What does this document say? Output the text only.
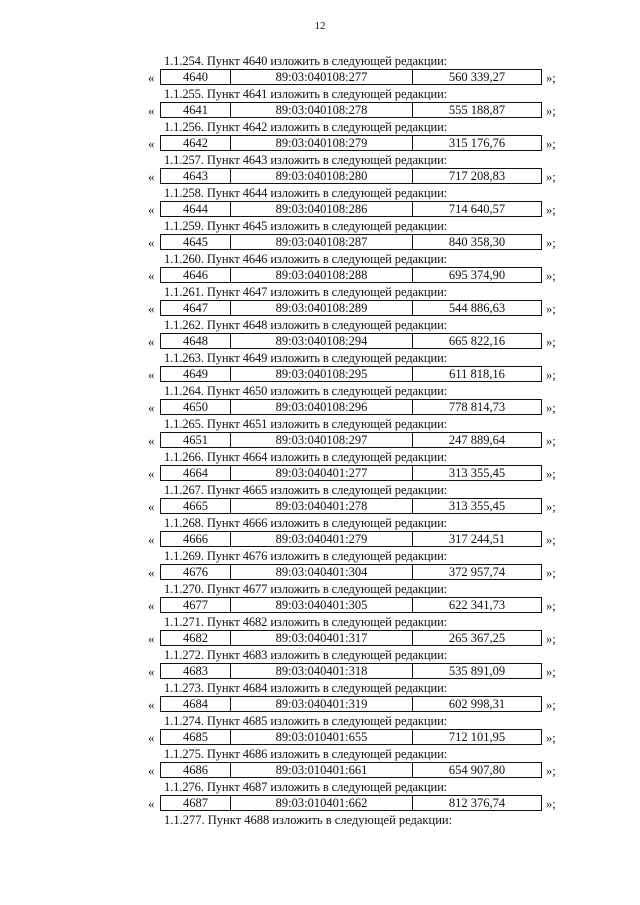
12
1.1.254. Пункт 4640 изложить в следующей редакции:
«	4640	89:03:040108:277	560 339,27	»;
1.1.255. Пункт 4641 изложить в следующей редакции:
«	4641	89:03:040108:278	555 188,87	»;
1.1.256. Пункт 4642 изложить в следующей редакции:
«	4642	89:03:040108:279	315 176,76	»;
1.1.257. Пункт 4643 изложить в следующей редакции:
«	4643	89:03:040108:280	717 208,83	»;
1.1.258. Пункт 4644 изложить в следующей редакции:
«	4644	89:03:040108:286	714 640,57	»;
1.1.259. Пункт 4645 изложить в следующей редакции:
«	4645	89:03:040108:287	840 358,30	»;
1.1.260. Пункт 4646 изложить в следующей редакции:
«	4646	89:03:040108:288	695 374,90	»;
1.1.261. Пункт 4647 изложить в следующей редакции:
«	4647	89:03:040108:289	544 886,63	»;
1.1.262. Пункт 4648 изложить в следующей редакции:
«	4648	89:03:040108:294	665 822,16	»;
1.1.263. Пункт 4649 изложить в следующей редакции:
«	4649	89:03:040108:295	611 818,16	»;
1.1.264. Пункт 4650 изложить в следующей редакции:
«	4650	89:03:040108:296	778 814,73	»;
1.1.265. Пункт 4651 изложить в следующей редакции:
«	4651	89:03:040108:297	247 889,64	»;
1.1.266. Пункт 4664 изложить в следующей редакции:
«	4664	89:03:040401:277	313 355,45	»;
1.1.267. Пункт 4665 изложить в следующей редакции:
«	4665	89:03:040401:278	313 355,45	»;
1.1.268. Пункт 4666 изложить в следующей редакции:
«	4666	89:03:040401:279	317 244,51	»;
1.1.269. Пункт 4676 изложить в следующей редакции:
«	4676	89:03:040401:304	372 957,74	»;
1.1.270. Пункт 4677 изложить в следующей редакции:
«	4677	89:03:040401:305	622 341,73	»;
1.1.271. Пункт 4682 изложить в следующей редакции:
«	4682	89:03:040401:317	265 367,25	»;
1.1.272. Пункт 4683 изложить в следующей редакции:
«	4683	89:03:040401:318	535 891,09	»;
1.1.273. Пункт 4684 изложить в следующей редакции:
«	4684	89:03:040401:319	602 998,31	»;
1.1.274. Пункт 4685 изложить в следующей редакции:
«	4685	89:03:010401:655	712 101,95	»;
1.1.275. Пункт 4686 изложить в следующей редакции:
«	4686	89:03:010401:661	654 907,80	»;
1.1.276. Пункт 4687 изложить в следующей редакции:
«	4687	89:03:010401:662	812 376,74	»;
1.1.277. Пункт 4688 изложить в следующей редакции:
